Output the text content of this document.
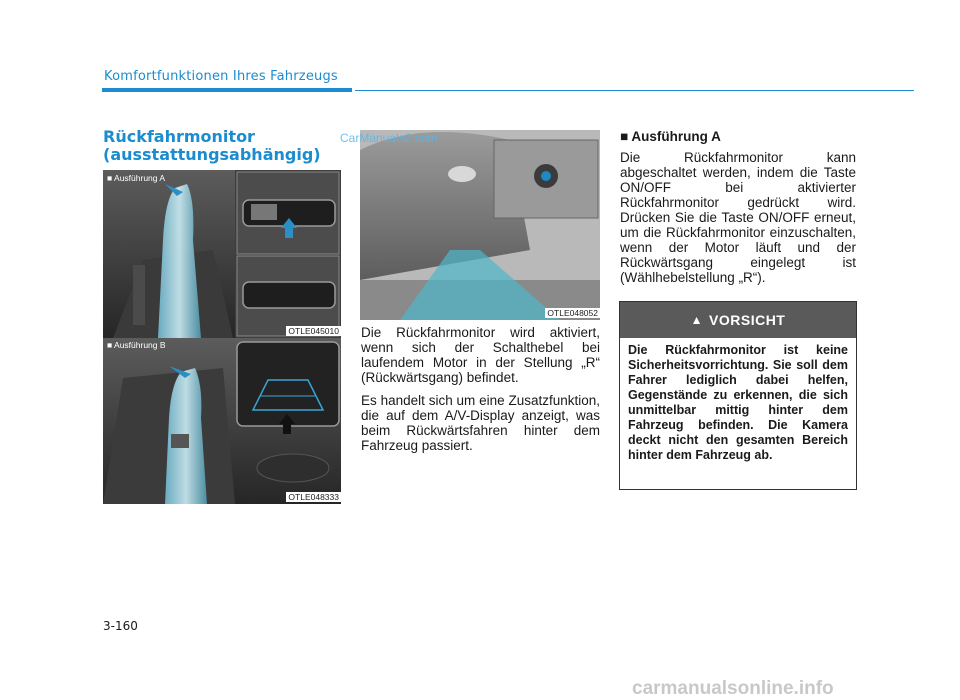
Komfortfunktionen Ihres Fahrzeugs
Rückfahrmonitor
(ausstattungsabhängig)
■ Ausführung A
OTLE045010
■ Ausführung B
OTLE048333
OTLE048052

Die Rückfahrmonitor wird aktiviert, wenn sich der Schalthebel bei laufendem Motor in der Stellung „R“ (Rückwärtsgang) befindet.

Es handelt sich um eine Zusatzfunktion, die auf dem A/V-Display anzeigt, was beim Rückwärtsfahren hinter dem Fahrzeug passiert.

■ Ausführung A
Die Rückfahrmonitor kann abgeschaltet werden, indem die Taste ON/OFF bei aktivierter Rückfahrmonitor gedrückt wird. Drücken Sie die Taste ON/OFF erneut, um die Rückfahrmonitor einzuschalten, wenn der Motor läuft und der Rückwärtsgang eingelegt ist (Wählhebelstellung „R“).
▲ VORSICHT
Die Rückfahrmonitor ist keine Sicherheitsvorrichtung. Sie soll dem Fahrer lediglich dabei helfen, Gegenstände zu erkennen, die sich unmittelbar mittig hinter dem Fahrzeug befinden. Die Kamera deckt nicht den gesamten Bereich hinter dem Fahrzeug ab.
3-160
CarManuals2.com
carmanualsonline.info
